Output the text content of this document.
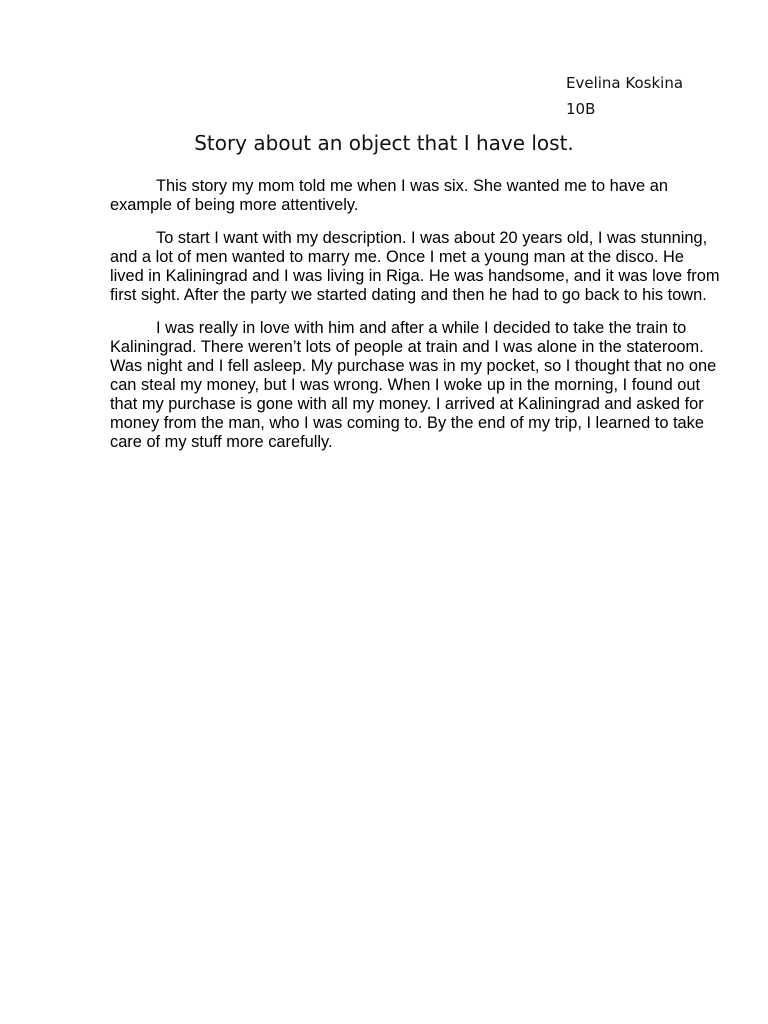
Evelina Koskina
10B
Story about an object that I have lost.

This story my mom told me when I was six. She wanted me to have an example of being more attentively.

To start I want with my description. I was about 20 years old, I was stunning, and a lot of men wanted to marry me. Once I met a young man at the disco. He lived in Kaliningrad and I was living in Riga. He was handsome, and it was love from first sight. After the party we started dating and then he had to go back to his town.

I was really in love with him and after a while I decided to take the train to Kaliningrad. There weren’t lots of people at train and I was alone in the stateroom. Was night and I fell asleep. My purchase was in my pocket, so I thought that no one can steal my money, but I was wrong. When I woke up in the morning, I found out that my purchase is gone with all my money. I arrived at Kaliningrad and asked for money from the man, who I was coming to. By the end of my trip, I learned to take care of my stuff more carefully.
